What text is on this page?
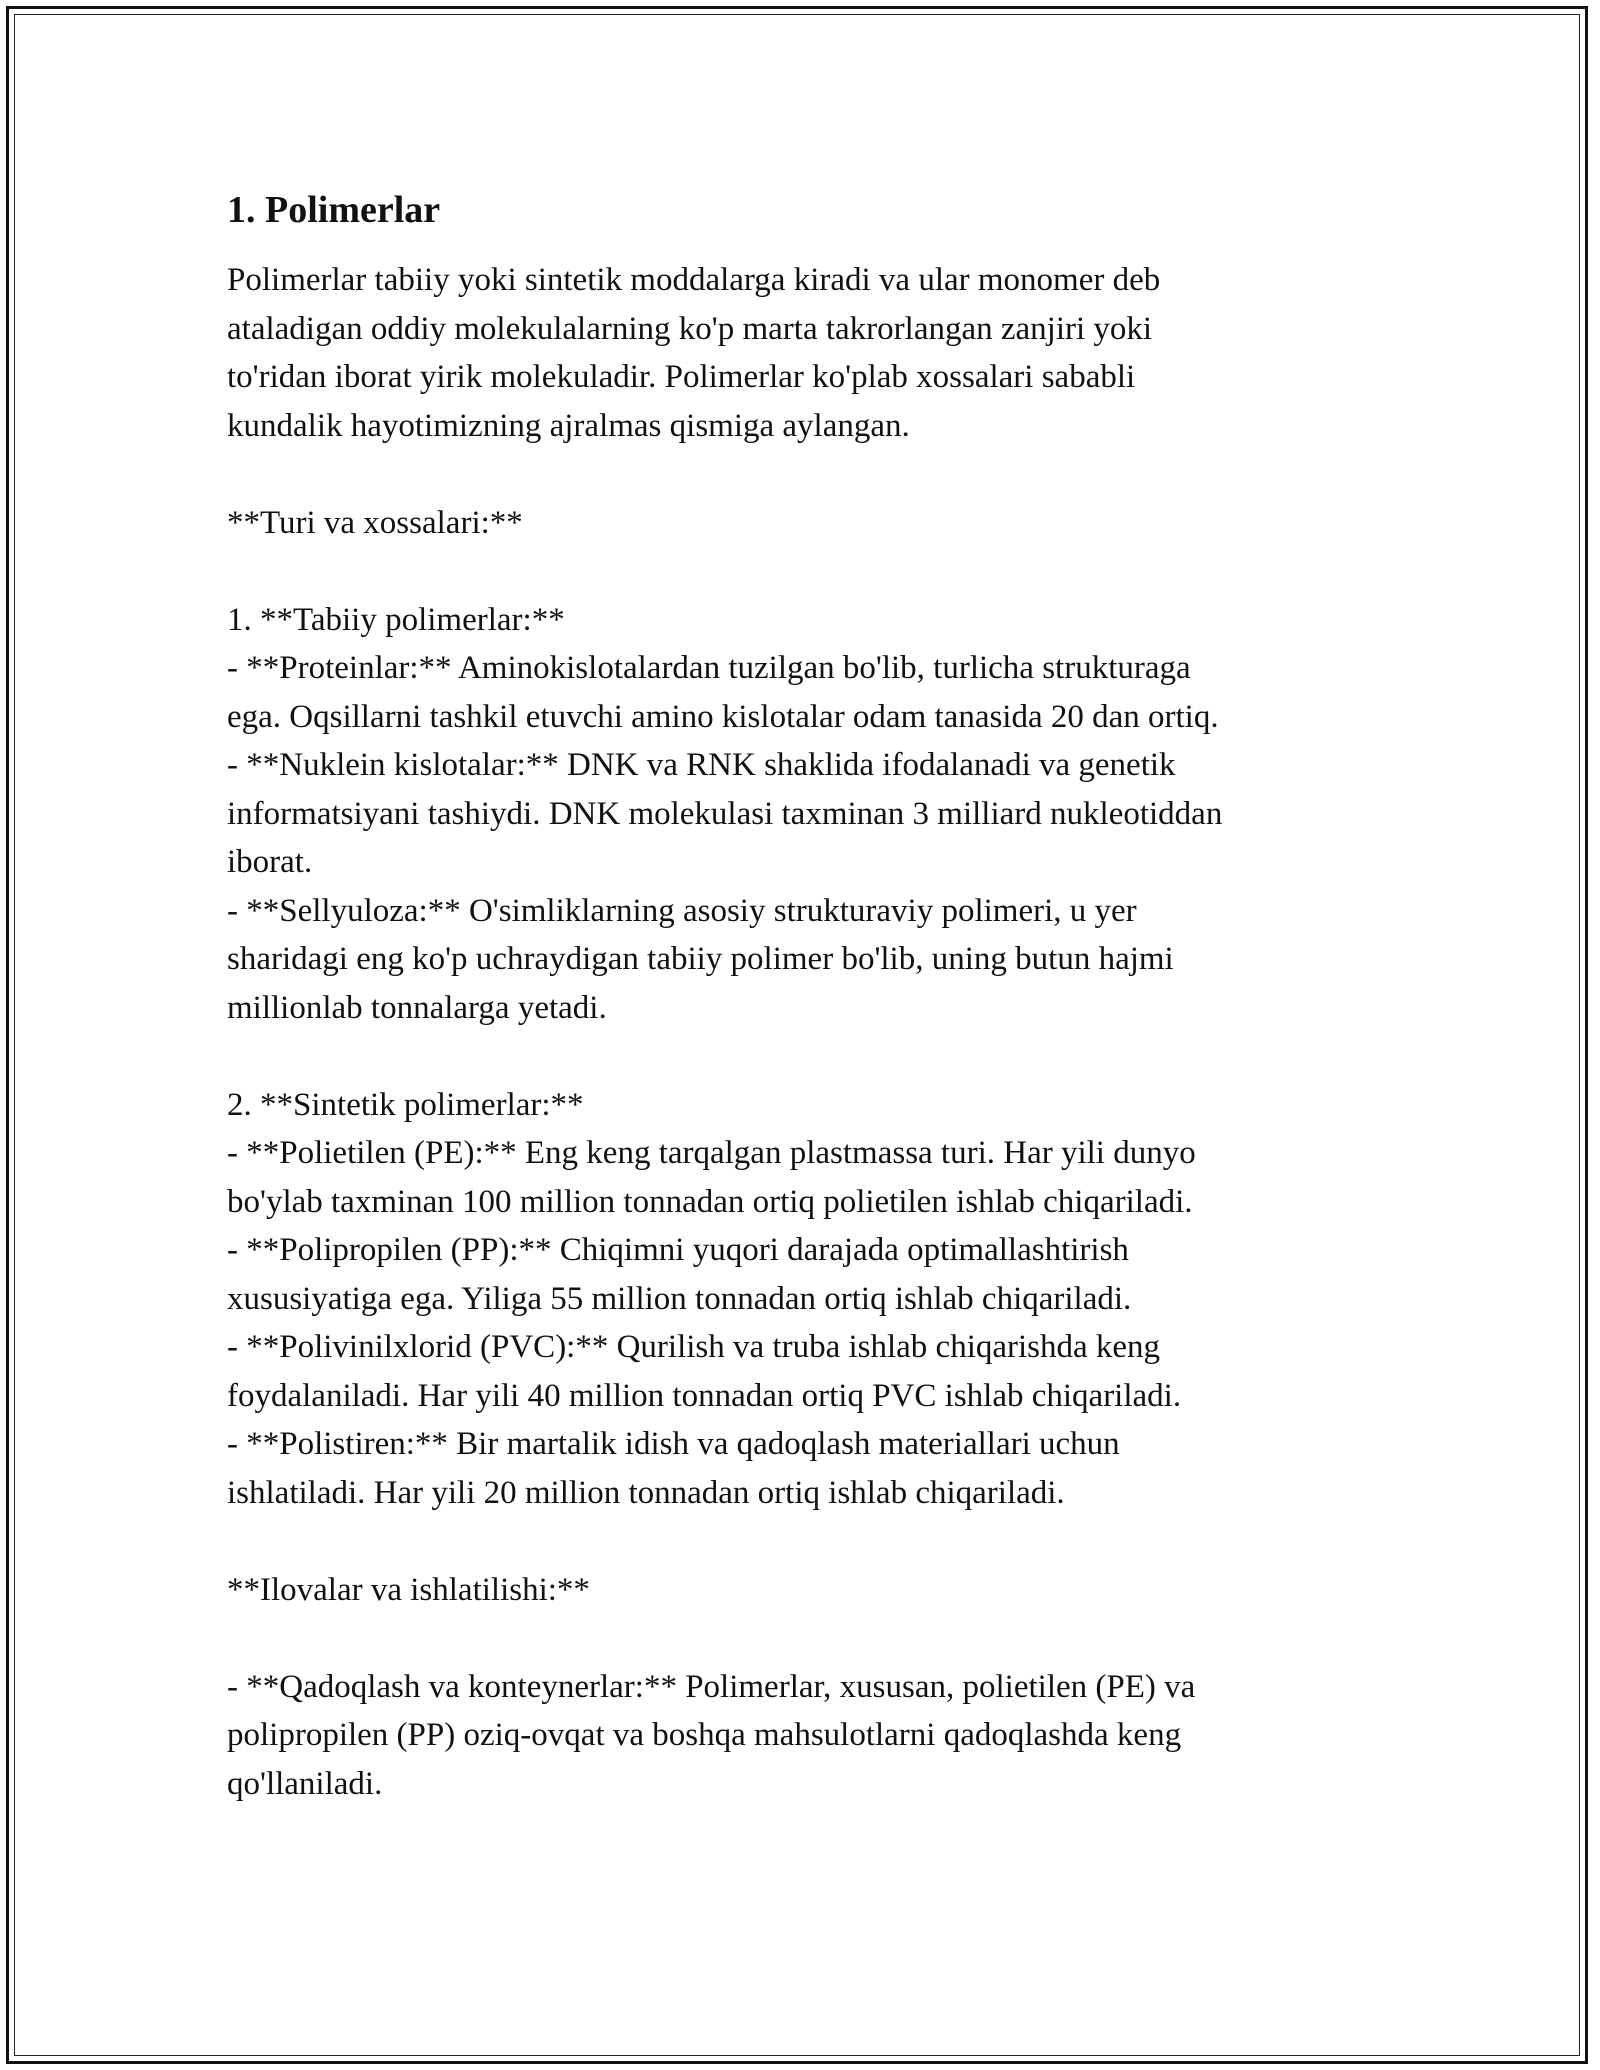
1. Polimerlar

Polimerlar tabiiy yoki sintetik moddalarga kiradi va ular monomer deb
ataladigan oddiy molekulalarning ko'p marta takrorlangan zanjiri yoki
to'ridan iborat yirik molekuladir. Polimerlar ko'plab xossalari sababli
kundalik hayotimizning ajralmas qismiga aylangan.

**Turi va xossalari:**

1. **Tabiiy polimerlar:**

- **Proteinlar:** Aminokislotalardan tuzilgan bo'lib, turlicha strukturaga
ega. Oqsillarni tashkil etuvchi amino kislotalar odam tanasida 20 dan ortiq.

- **Nuklein kislotalar:** DNK va RNK shaklida ifodalanadi va genetik
informatsiyani tashiydi. DNK molekulasi taxminan 3 milliard nukleotiddan
iborat.

- **Sellyuloza:** O'simliklarning asosiy strukturaviy polimeri, u yer
sharidagi eng ko'p uchraydigan tabiiy polimer bo'lib, uning butun hajmi
millionlab tonnalarga yetadi.

2. **Sintetik polimerlar:**

- **Polietilen (PE):** Eng keng tarqalgan plastmassa turi. Har yili dunyo
bo'ylab taxminan 100 million tonnadan ortiq polietilen ishlab chiqariladi.

- **Polipropilen (PP):** Chiqimni yuqori darajada optimallashtirish
xususiyatiga ega. Yiliga 55 million tonnadan ortiq ishlab chiqariladi.

- **Polivinilxlorid (PVC):** Qurilish va truba ishlab chiqarishda keng
foydalaniladi. Har yili 40 million tonnadan ortiq PVC ishlab chiqariladi.

- **Polistiren:** Bir martalik idish va qadoqlash materiallari uchun
ishlatiladi. Har yili 20 million tonnadan ortiq ishlab chiqariladi.

**Ilovalar va ishlatilishi:**

- **Qadoqlash va konteynerlar:** Polimerlar, xususan, polietilen (PE) va
polipropilen (PP) oziq-ovqat va boshqa mahsulotlarni qadoqlashda keng
qo'llaniladi.
